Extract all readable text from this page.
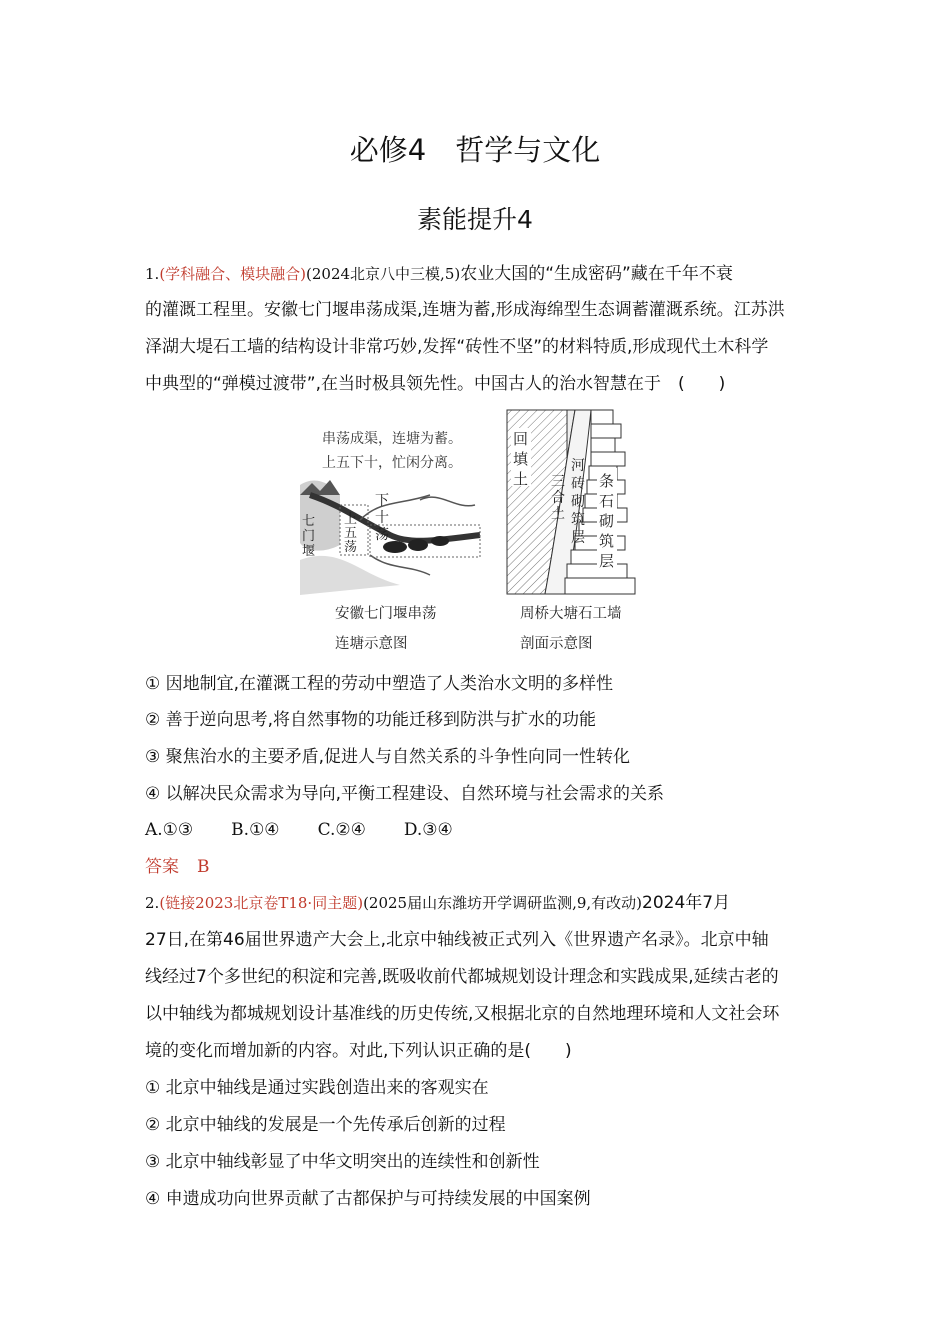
必修4　哲学与文化
素能提升4
1.(学科融合、模块融合)(2024北京八中三模,5)农业大国的“生成密码”藏在千年不衰
的灌溉工程里。安徽七门堰串荡成渠,连塘为蓄,形成海绵型生态调蓄灌溉系统。江苏洪
泽湖大堤石工墙的结构设计非常巧妙,发挥“砖性不坚”的材料特质,形成现代土木科学
中典型的“弹模过渡带”,在当时极具领先性。中国古人的治水智慧在于　(　　)
串荡成渠，连塘为蓄。
上五下十，忙闲分离。
七
门
堰
上
五
荡
下
十
荡
安徽七门堰串荡
连塘示意图
回
填
土 三
合
土
河
砖
砌
筑
层
条
石
砌
筑
层
周桥大塘石工墙
剖面示意图
① 因地制宜,在灌溉工程的劳动中塑造了人类治水文明的多样性
② 善于逆向思考,将自然事物的功能迁移到防洪与扩水的功能
③ 聚焦治水的主要矛盾,促进人与自然关系的斗争性向同一性转化
④ 以解决民众需求为导向,平衡工程建设、自然环境与社会需求的关系
A.①③ B.①④ C.②④ D.③④
答案 B
2.(链接2023北京卷T18·同主题)(2025届山东潍坊开学调研监测,9,有改动)2024年7月
27日,在第46届世界遗产大会上,北京中轴线被正式列入《世界遗产名录》。北京中轴
线经过7个多世纪的积淀和完善,既吸收前代都城规划设计理念和实践成果,延续古老的
以中轴线为都城规划设计基准线的历史传统,又根据北京的自然地理环境和人文社会环
境的变化而增加新的内容。对此,下列认识正确的是(　　)
① 北京中轴线是通过实践创造出来的客观实在
② 北京中轴线的发展是一个先传承后创新的过程
③ 北京中轴线彰显了中华文明突出的连续性和创新性
④ 申遗成功向世界贡献了古都保护与可持续发展的中国案例
